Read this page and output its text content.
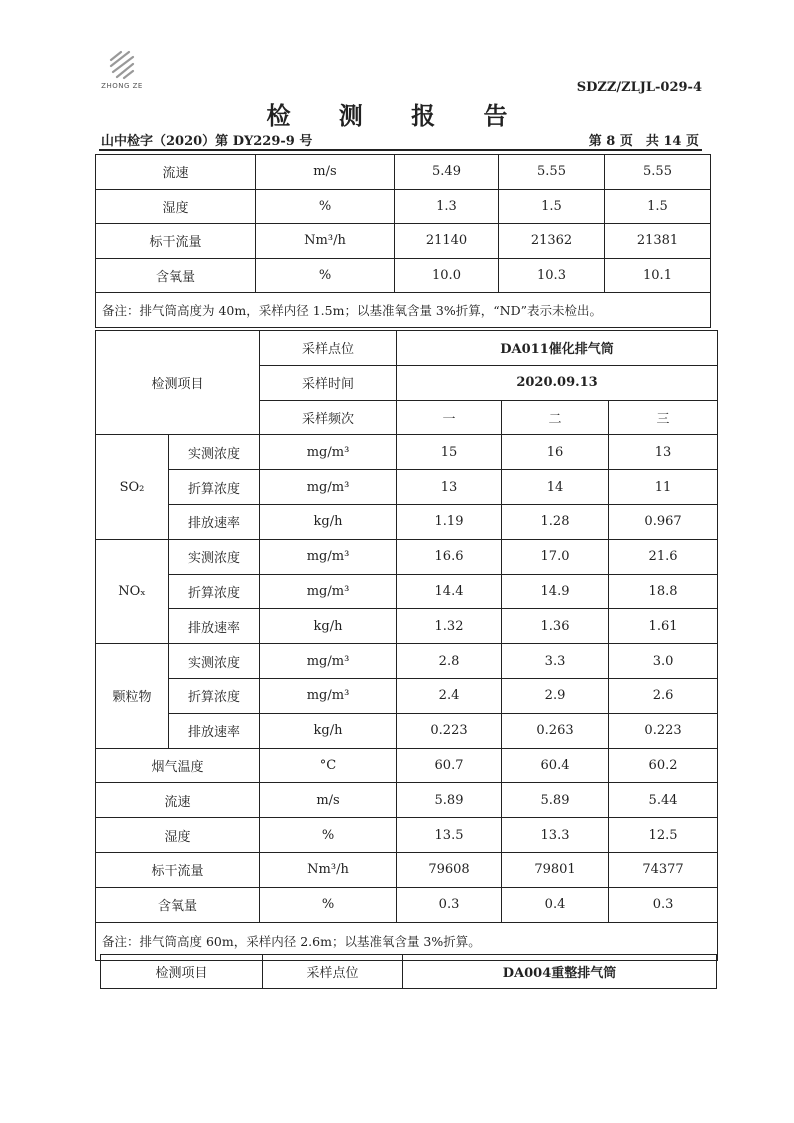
ZHONG ZE	SDZZ/ZLJL-029-4
检 测 报 告
山中检字（2020）第 DY229-9 号	第 8 页　共 14 页
流速	m/s	5.49	5.55	5.55
湿度	%	1.3	1.5	1.5
标干流量	Nm³/h	21140	21362	21381
含氧量	%	10.0	10.3	10.1
备注：排气筒高度为 40m，采样内径 1.5m；以基准氧含量 3%折算，“ND”表示未检出。				
检测项目		采样点位	DA011催化排气筒		
		采样时间	2020.09.13		
		采样频次	一	二	三
SO₂	实测浓度	mg/m³	15	16	13
	折算浓度	mg/m³	13	14	11
	排放速率	kg/h	1.19	1.28	0.967
NOₓ	实测浓度	mg/m³	16.6	17.0	21.6
	折算浓度	mg/m³	14.4	14.9	18.8
	排放速率	kg/h	1.32	1.36	1.61
颗粒物	实测浓度	mg/m³	2.8	3.3	3.0
	折算浓度	mg/m³	2.4	2.9	2.6
	排放速率	kg/h	0.223	0.263	0.223
烟气温度		°C	60.7	60.4	60.2
流速		m/s	5.89	5.89	5.44
湿度		%	13.5	13.3	12.5
标干流量		Nm³/h	79608	79801	74377
含氧量		%	0.3	0.4	0.3
备注：排气筒高度 60m，采样内径 2.6m；以基准氧含量 3%折算。					
检测项目	采样点位	DA004重整排气筒
